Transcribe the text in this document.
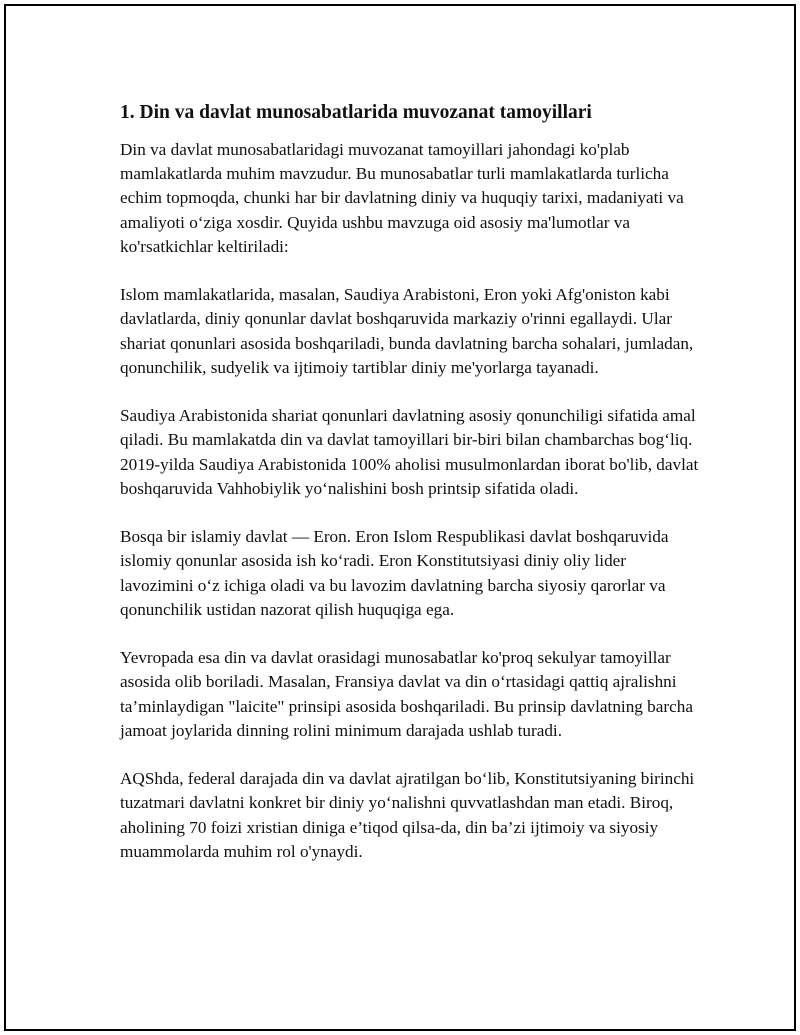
1. Din va davlat munosabatlarida muvozanat tamoyillari

Din va davlat munosabatlaridagi muvozanat tamoyillari jahondagi ko'plab mamlakatlarda muhim mavzudur. Bu munosabatlar turli mamlakatlarda turlicha echim topmoqda, chunki har bir davlatning diniy va huquqiy tarixi, madaniyati va amaliyoti o‘ziga xosdir. Quyida ushbu mavzuga oid asosiy ma'lumotlar va ko'rsatkichlar keltiriladi:

Islom mamlakatlarida, masalan, Saudiya Arabistoni, Eron yoki Afg'oniston kabi davlatlarda, diniy qonunlar davlat boshqaruvida markaziy o'rinni egallaydi. Ular shariat qonunlari asosida boshqariladi, bunda davlatning barcha sohalari, jumladan, qonunchilik, sudyelik va ijtimoiy tartiblar diniy me'yorlarga tayanadi.

Saudiya Arabistonida shariat qonunlari davlatning asosiy qonunchiligi sifatida amal qiladi. Bu mamlakatda din va davlat tamoyillari bir-biri bilan chambarchas bog‘liq. 2019-yilda Saudiya Arabistonida 100% aholisi musulmonlardan iborat bo'lib, davlat boshqaruvida Vahhobiylik yo‘nalishini bosh printsip sifatida oladi.

Bosqa bir islamiy davlat — Eron. Eron Islom Respublikasi davlat boshqaruvida islomiy qonunlar asosida ish ko‘radi. Eron Konstitutsiyasi diniy oliy lider lavozimini o‘z ichiga oladi va bu lavozim davlatning barcha siyosiy qarorlar va qonunchilik ustidan nazorat qilish huquqiga ega.

Yevropada esa din va davlat orasidagi munosabatlar ko'proq sekulyar tamoyillar asosida olib boriladi. Masalan, Fransiya davlat va din o‘rtasidagi qattiq ajralishni ta’minlaydigan "laicite" prinsipi asosida boshqariladi. Bu prinsip davlatning barcha jamoat joylarida dinning rolini minimum darajada ushlab turadi.

AQShda, federal darajada din va davlat ajratilgan bo‘lib, Konstitutsiyaning birinchi tuzatmari davlatni konkret bir diniy yo‘nalishni quvvatlashdan man etadi. Biroq, aholining 70 foizi xristian diniga e’tiqod qilsa-da, din ba’zi ijtimoiy va siyosiy muammolarda muhim rol o'ynaydi.
